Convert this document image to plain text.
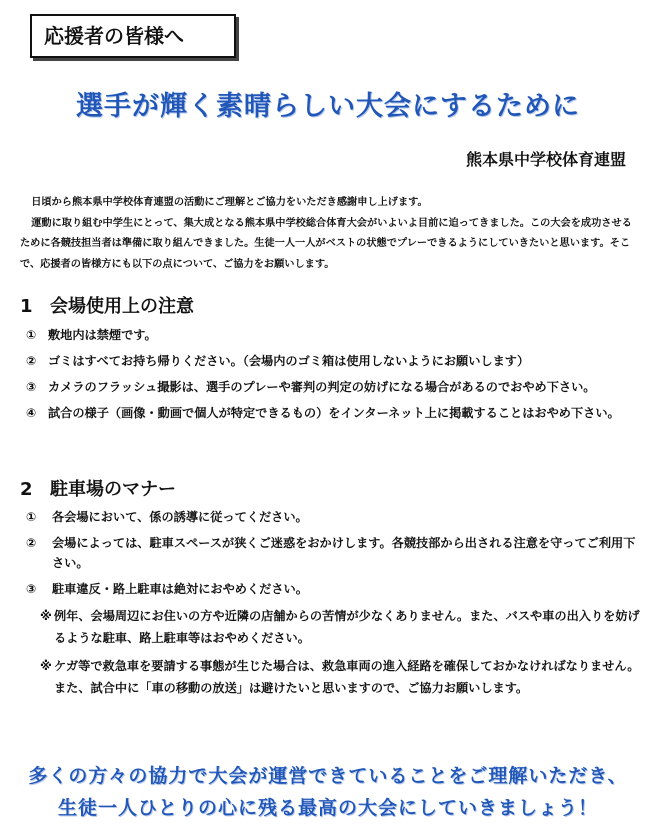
応援者の皆様へ
選手が輝く素晴らしい大会にするために
熊本県中学校体育連盟

日頃から熊本県中学校体育連盟の活動にご理解とご協力をいただき感謝申し上げます。

運動に取り組む中学生にとって、集大成となる熊本県中学校総合体育大会がいよいよ目前に迫ってきました。この大会を成功させるために各競技担当者は準備に取り組んできました。生徒一人一人がベストの状態でプレーできるようにしていきたいと思います。そこで、応援者の皆様方にも以下の点について、ご協力をお願いします。

1 会場使用上の注意
① 敷地内は禁煙です。
② ゴミはすべてお持ち帰りください。（会場内のゴミ箱は使用しないようにお願いします）
③ カメラのフラッシュ撮影は、選手のプレーや審判の判定の妨げになる場合があるのでおやめ下さい。
④ 試合の様子（画像・動画で個人が特定できるもの）をインターネット上に掲載することはおやめ下さい。
2 駐車場のマナー
①	各会場において、係の誘導に従ってください。
②	会場によっては、駐車スペースが狭くご迷惑をおかけします。各競技部から出される注意を守ってご利用下さい。
③	駐車違反・路上駐車は絶対におやめください。
※ 例年、会場周辺にお住いの方や近隣の店舗からの苦情が少なくありません。また、バスや車の出入りを妨げるような駐車、路上駐車等はおやめください。
※ ケガ等で救急車を要請する事態が生じた場合は、救急車両の進入経路を確保しておかなければなりません。また、試合中に「車の移動の放送」は避けたいと思いますので、ご協力お願いします。

多くの方々の協力で大会が運営できていることをご理解いただき、

生徒一人ひとりの心に残る最高の大会にしていきましょう！
